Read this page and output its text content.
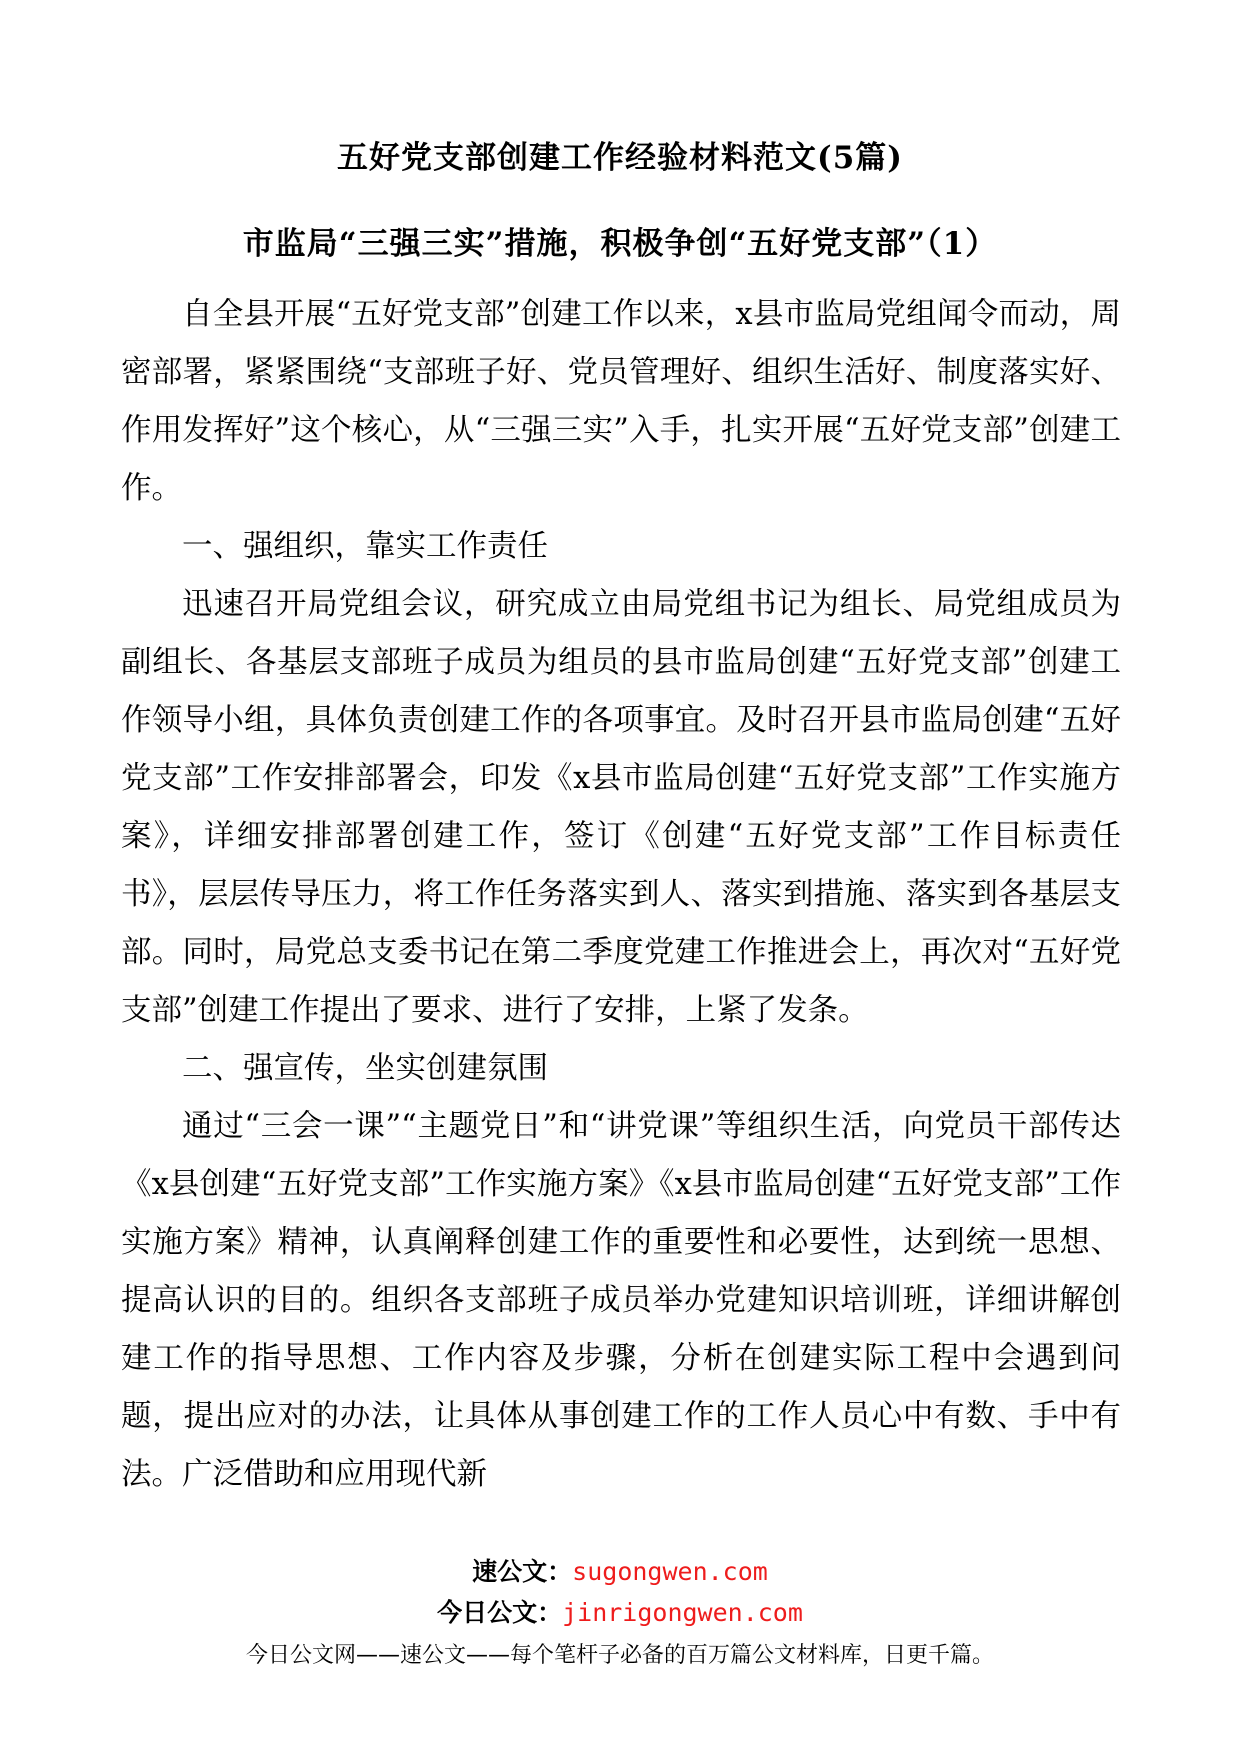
五好党支部创建工作经验材料范文(5篇)
市监局“三强三实”措施，积极争创“五好党支部”（1）

自全县开展“五好党支部”创建工作以来，x县市监局党组闻令而动，周密部署，紧紧围绕“支部班子好、党员管理好、组织生活好、制度落实好、作用发挥好”这个核心，从“三强三实”入手，扎实开展“五好党支部”创建工作。

一、强组织，靠实工作责任

迅速召开局党组会议，研究成立由局党组书记为组长、局党组成员为副组长、各基层支部班子成员为组员的县市监局创建“五好党支部”创建工作领导小组，具体负责创建工作的各项事宜。及时召开县市监局创建“五好党支部”工作安排部署会，印发《x县市监局创建“五好党支部”工作实施方案》，详细安排部署创建工作，签订《创建“五好党支部”工作目标责任书》，层层传导压力，将工作任务落实到人、落实到措施、落实到各基层支部。同时，局党总支委书记在第二季度党建工作推进会上，再次对“五好党支部”创建工作提出了要求、进行了安排，上紧了发条。

二、强宣传，坐实创建氛围

通过“三会一课”“主题党日”和“讲党课”等组织生活，向党员干部传达《x县创建“五好党支部”工作实施方案》《x县市监局创建“五好党支部”工作实施方案》精神，认真阐释创建工作的重要性和必要性，达到统一思想、提高认识的目的。组织各支部班子成员举办党建知识培训班，详细讲解创建工作的指导思想、工作内容及步骤，分析在创建实际工程中会遇到问题，提出应对的办法，让具体从事创建工作的工作人员心中有数、手中有法。广泛借助和应用现代新

速公文：sugongwen.com
今日公文：jinrigongwen.com
今日公文网——速公文——每个笔杆子必备的百万篇公文材料库，日更千篇。
